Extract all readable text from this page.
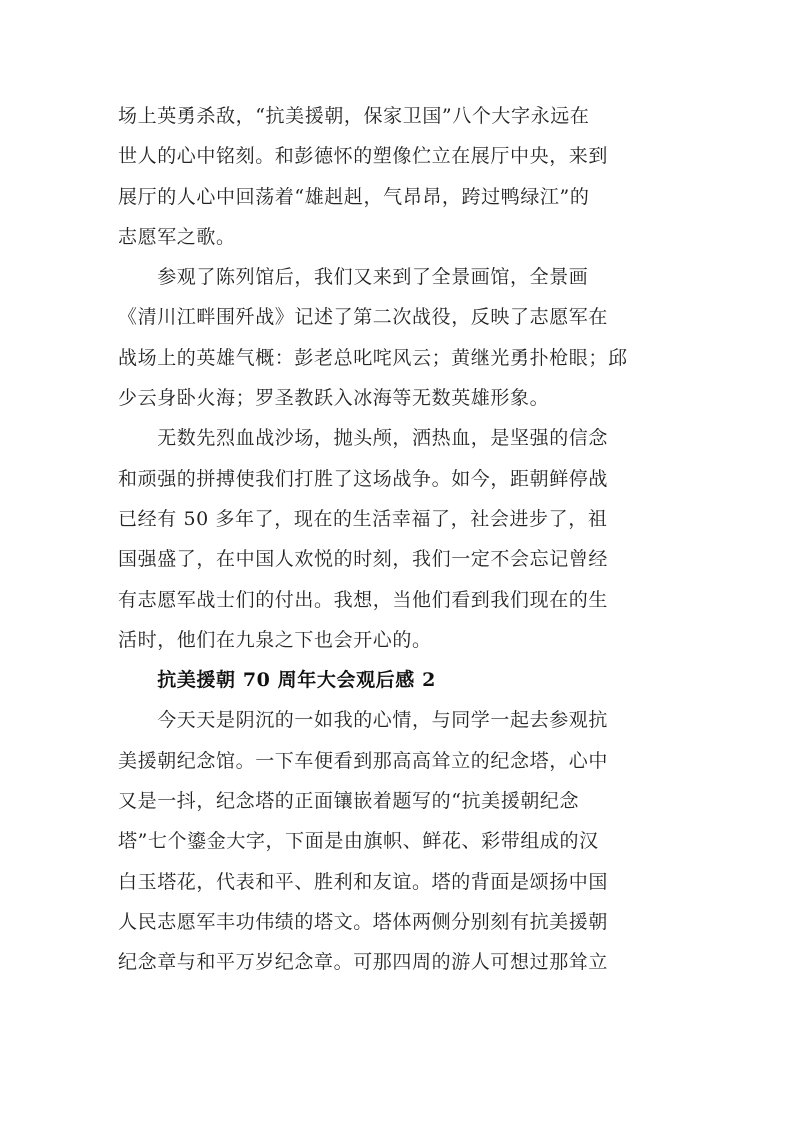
场上英勇杀敌，“抗美援朝，保家卫国”八个大字永远在
世人的心中铭刻。和彭德怀的塑像伫立在展厅中央，来到
展厅的人心中回荡着“雄赳赳，气昂昂，跨过鸭绿江”的
志愿军之歌。
　　参观了陈列馆后，我们又来到了全景画馆，全景画
《清川江畔围歼战》记述了第二次战役，反映了志愿军在
战场上的英雄气概：彭老总叱咤风云；黄继光勇扑枪眼；邱
少云身卧火海；罗圣教跃入冰海等无数英雄形象。
　　无数先烈血战沙场，抛头颅，洒热血，是坚强的信念
和顽强的拼搏使我们打胜了这场战争。如今，距朝鲜停战
已经有 50 多年了，现在的生活幸福了，社会进步了，祖
国强盛了，在中国人欢悦的时刻，我们一定不会忘记曾经
有志愿军战士们的付出。我想，当他们看到我们现在的生
活时，他们在九泉之下也会开心的。
　　抗美援朝 70 周年大会观后感 2
　　今天天是阴沉的一如我的心情，与同学一起去参观抗
美援朝纪念馆。一下车便看到那高高耸立的纪念塔，心中
又是一抖，纪念塔的正面镶嵌着题写的“抗美援朝纪念
塔”七个鎏金大字，下面是由旗帜、鲜花、彩带组成的汉
白玉塔花，代表和平、胜利和友谊。塔的背面是颂扬中国
人民志愿军丰功伟绩的塔文。塔体两侧分别刻有抗美援朝
纪念章与和平万岁纪念章。可那四周的游人可想过那耸立
